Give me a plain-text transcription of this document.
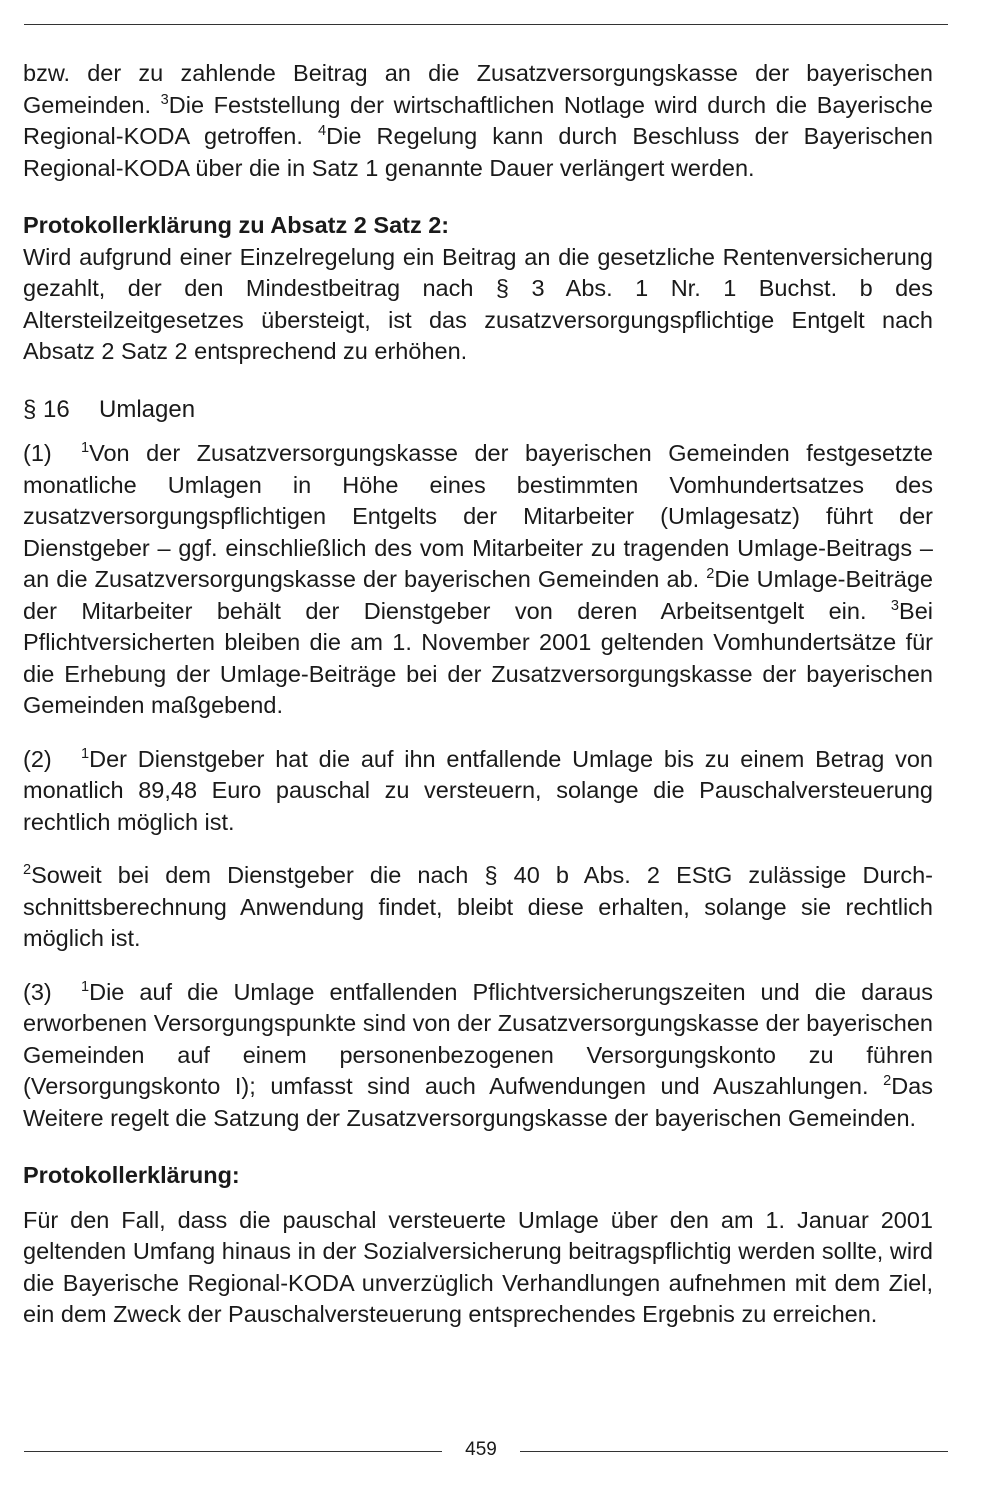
bzw. der zu zahlende Beitrag an die Zusatzversorgungskasse der bayerischen Gemeinden. $^3$Die Feststellung der wirtschaftlichen Notlage wird durch die Bayerische Regional-KODA getroffen. $^4$Die Regelung kann durch Beschluss der Bayerischen Regional-KODA über die in Satz 1 genannte Dauer verlängert werden.

Protokollerklärung zu Absatz 2 Satz 2:

Wird aufgrund einer Einzelregelung ein Beitrag an die gesetzliche Rentenversicherung gezahlt, der den Mindestbeitrag nach § 3 Abs. 1 Nr. 1 Buchst. b des Altersteilzeitgesetzes übersteigt, ist das zusatzversorgungspflichtige Entgelt nach Absatz 2 Satz 2 entsprechend zu erhöhen.

§ 16 Umlagen

(1) $^1$Von der Zusatzversorgungskasse der bayerischen Gemeinden festgesetzte monatliche Umlagen in Höhe eines bestimmten Vomhundertsatzes des zusatzversorgungspflichtigen Entgelts der Mitarbeiter (Umlagesatz) führt der Dienstgeber – ggf. einschließlich des vom Mitarbeiter zu tragenden Umlage-Beitrags – an die Zusatzversorgungskasse der bayerischen Gemeinden ab. $^2$Die Umlage-Beiträge der Mitarbeiter behält der Dienstgeber von deren Arbeitsentgelt ein. $^3$Bei Pflichtversicherten bleiben die am 1. November 2001 geltenden Vomhundertsätze für die Erhebung der Umlage-Beiträge bei der Zusatzversorgungskasse der bayerischen Gemeinden maßgebend.

(2) $^1$Der Dienstgeber hat die auf ihn entfallende Umlage bis zu einem Betrag von monatlich 89,48 Euro pauschal zu versteuern, solange die Pauschalversteuerung rechtlich möglich ist.

$^2$Soweit bei dem Dienstgeber die nach § 40 b Abs. 2 EStG zulässige Durchschnittsberechnung Anwendung findet, bleibt diese erhalten, solange sie rechtlich möglich ist.

(3) $^1$Die auf die Umlage entfallenden Pflichtversicherungszeiten und die daraus erworbenen Versorgungspunkte sind von der Zusatzversorgungskasse der bayerischen Gemeinden auf einem personenbezogenen Versorgungskonto zu führen (Versorgungskonto I); umfasst sind auch Aufwendungen und Auszahlungen. $^2$Das Weitere regelt die Satzung der Zusatzversorgungskasse der bayerischen Gemeinden.

Protokollerklärung:

Für den Fall, dass die pauschal versteuerte Umlage über den am 1. Januar 2001 geltenden Umfang hinaus in der Sozialversicherung beitragspflichtig werden sollte, wird die Bayerische Regional-KODA unverzüglich Verhandlungen aufnehmen mit dem Ziel, ein dem Zweck der Pauschalversteuerung entsprechendes Ergebnis zu erreichen.

459
